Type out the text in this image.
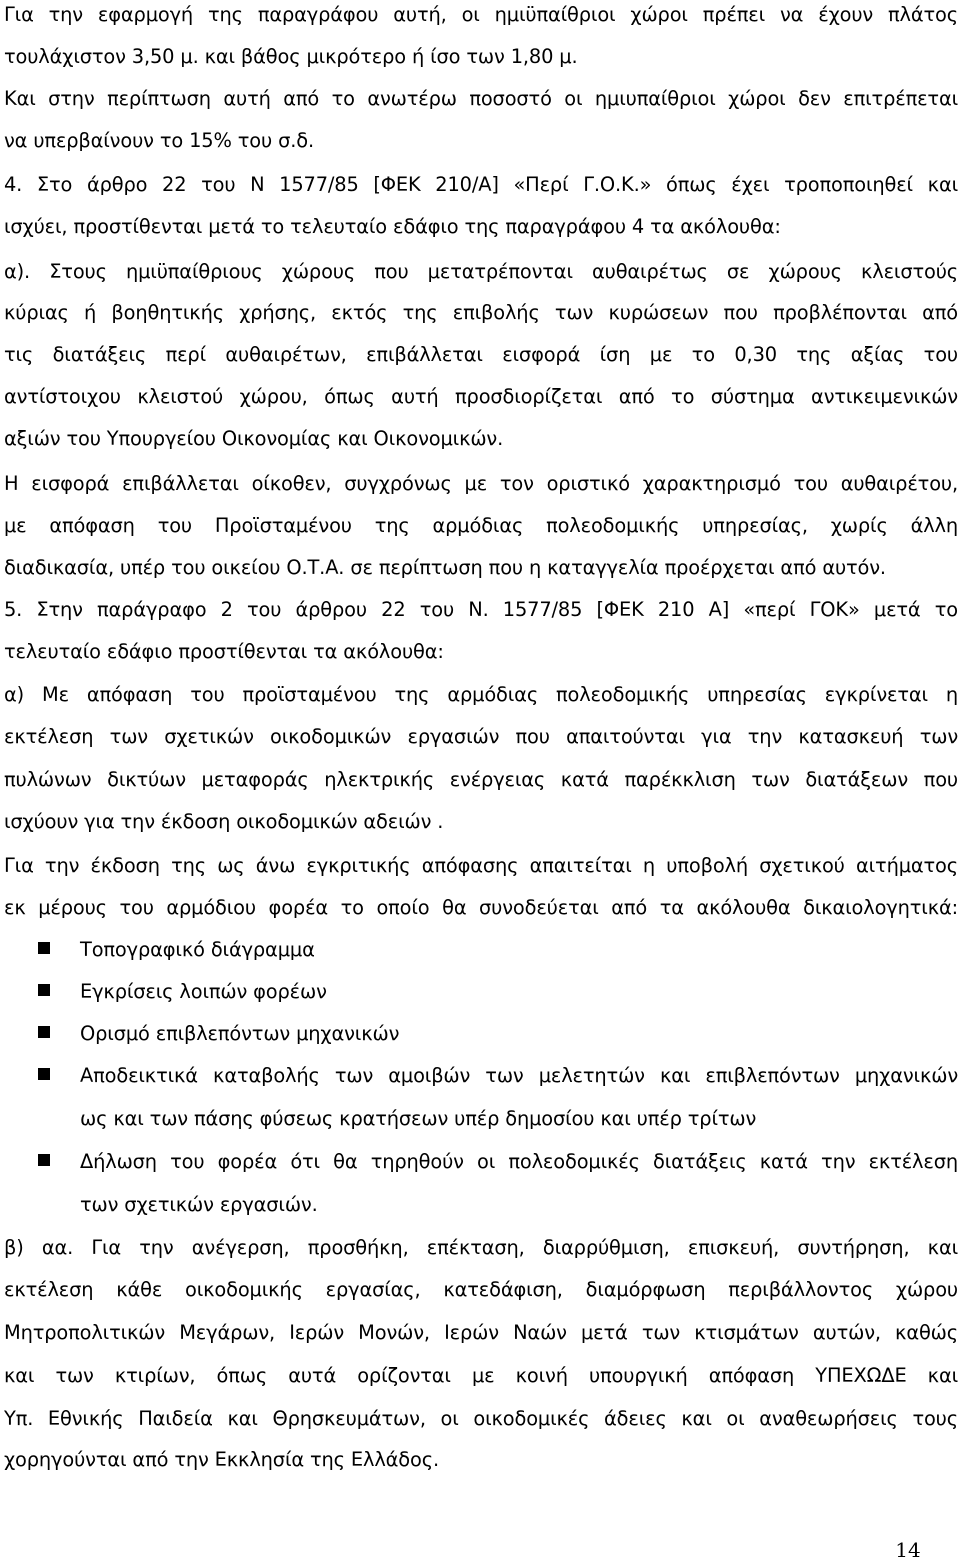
Για την εφαρμογή της παραγράφου αυτή, οι ημιϋπαίθριοι χώροι πρέπει να έχουν πλάτος
τουλάχιστον 3,50 μ. και βάθος μικρότερο ή ίσο των 1,80 μ.
Και στην περίπτωση αυτή από το ανωτέρω ποσοστό οι ημιυπαίθριοι χώροι δεν επιτρέπεται
να υπερβαίνουν το 15% του σ.δ.
4. Στο άρθρο 22 του Ν 1577/85 [ΦΕΚ 210/Α] «Περί Γ.Ο.Κ.» όπως έχει τροποποιηθεί και
ισχύει, προστίθενται μετά το τελευταίο εδάφιο της παραγράφου 4 τα ακόλουθα:
α). Στους ημιϋπαίθριους χώρους που μετατρέπονται αυθαιρέτως σε χώρους κλειστούς
κύριας ή βοηθητικής χρήσης, εκτός της επιβολής των κυρώσεων που προβλέπονται από
τις διατάξεις περί αυθαιρέτων, επιβάλλεται εισφορά ίση με το 0,30 της αξίας του
αντίστοιχου κλειστού χώρου, όπως αυτή προσδιορίζεται από το σύστημα αντικειμενικών
αξιών του Υπουργείου Οικονομίας και Οικονομικών.
Η εισφορά επιβάλλεται οίκοθεν, συγχρόνως με τον οριστικό χαρακτηρισμό του αυθαιρέτου,
με απόφαση του Προϊσταμένου της αρμόδιας πολεοδομικής υπηρεσίας, χωρίς άλλη
διαδικασία, υπέρ του οικείου Ο.Τ.Α. σε περίπτωση που η καταγγελία προέρχεται από αυτόν.
5. Στην παράγραφο 2 του άρθρου 22 του Ν. 1577/85 [ΦΕΚ 210 Α] «περί ΓΟΚ» μετά το
τελευταίο εδάφιο προστίθενται τα ακόλουθα:
α) Με απόφαση του προϊσταμένου της αρμόδιας πολεοδομικής υπηρεσίας εγκρίνεται η
εκτέλεση των σχετικών οικοδομικών εργασιών που απαιτούνται για την κατασκευή των
πυλώνων δικτύων μεταφοράς ηλεκτρικής ενέργειας κατά παρέκκλιση των διατάξεων που
ισχύουν για την έκδοση οικοδομικών αδειών .
Για την έκδοση της ως άνω εγκριτικής απόφασης απαιτείται η υποβολή σχετικού αιτήματος
εκ μέρους του αρμόδιου φορέα το οποίο θα συνοδεύεται από τα ακόλουθα δικαιολογητικά:
Τοπογραφικό διάγραμμα
Εγκρίσεις λοιπών φορέων
Ορισμό επιβλεπόντων μηχανικών
Αποδεικτικά καταβολής των αμοιβών των μελετητών και επιβλεπόντων μηχανικών
ως και των πάσης φύσεως κρατήσεων υπέρ δημοσίου και υπέρ τρίτων
Δήλωση του φορέα ότι θα τηρηθούν οι πολεοδομικές διατάξεις κατά την εκτέλεση
των σχετικών εργασιών.
β) αα. Για την ανέγερση, προσθήκη, επέκταση, διαρρύθμιση, επισκευή, συντήρηση, και
εκτέλεση κάθε οικοδομικής εργασίας, κατεδάφιση, διαμόρφωση περιβάλλοντος χώρου
Μητροπολιτικών Μεγάρων, Ιερών Μονών, Ιερών Ναών μετά των κτισμάτων αυτών, καθώς
και των κτιρίων, όπως αυτά ορίζονται με κοινή υπουργική απόφαση ΥΠΕΧΩΔΕ και
Υπ. Εθνικής Παιδεία και Θρησκευμάτων, οι οικοδομικές άδειες και οι αναθεωρήσεις τους
χορηγούνται από την Εκκλησία της Ελλάδος.
14
